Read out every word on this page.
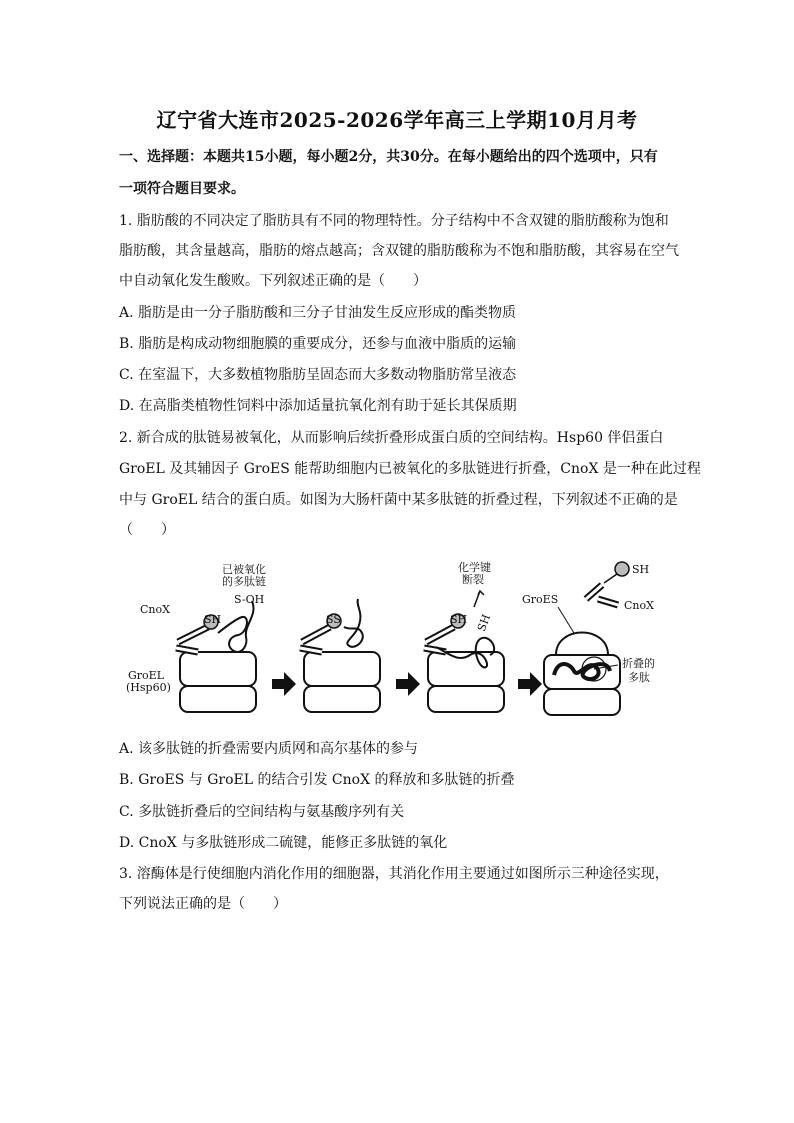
辽宁省大连市2025-2026学年高三上学期10月月考
一、选择题：本题共15小题，每小题2分，共30分。在每小题给出的四个选项中，只有
一项符合题目要求。
1. 脂肪酸的不同决定了脂肪具有不同的物理特性。分子结构中不含双键的脂肪酸称为饱和
脂肪酸，其含量越高，脂肪的熔点越高；含双键的脂肪酸称为不饱和脂肪酸，其容易在空气
中自动氧化发生酸败。下列叙述正确的是（　　）
A. 脂肪是由一分子脂肪酸和三分子甘油发生反应形成的酯类物质
B. 脂肪是构成动物细胞膜的重要成分，还参与血液中脂质的运输
C. 在室温下，大多数植物脂肪呈固态而大多数动物脂肪常呈液态
D. 在高脂类植物性饲料中添加适量抗氧化剂有助于延长其保质期
2. 新合成的肽链易被氧化，从而影响后续折叠形成蛋白质的空间结构。Hsp60 伴侣蛋白
GroEL 及其辅因子 GroES 能帮助细胞内已被氧化的多肽链进行折叠，CnoX 是一种在此过程
中与 GroEL 结合的蛋白质。如图为大肠杆菌中某多肽链的折叠过程，下列叙述不正确的是
（　　）
已被氧化
的多肽链
S-OH
CnoX
SH
GroEL
(Hsp60)
SS
化学键
断裂
SH SH
SH
CnoX
GroES
折叠的
多肽
A. 该多肽链的折叠需要内质网和高尔基体的参与
B. GroES 与 GroEL 的结合引发 CnoX 的释放和多肽链的折叠
C. 多肽链折叠后的空间结构与氨基酸序列有关
D. CnoX 与多肽链形成二硫键，能修正多肽链的氧化
3. 溶酶体是行使细胞内消化作用的细胞器，其消化作用主要通过如图所示三种途径实现，
下列说法正确的是（　　）
